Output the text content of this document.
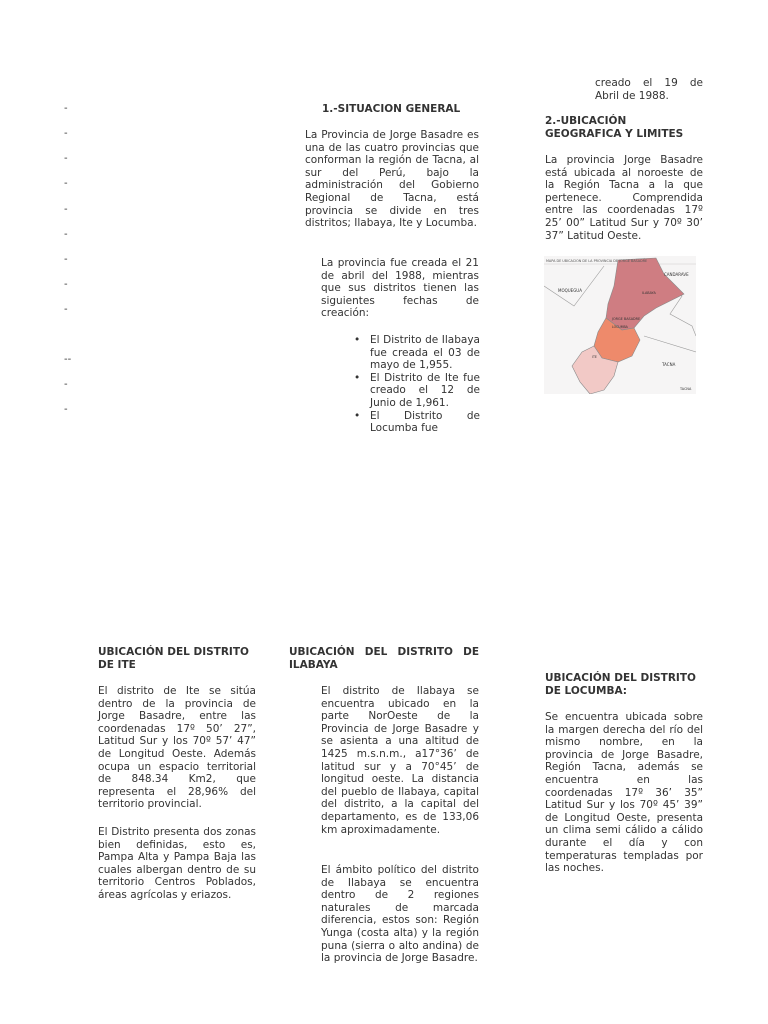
-
-
-
-
-
-
-
-
-
--
-
-
1.-SITUACION GENERAL
La Provincia de Jorge Basadre es una de las cuatro provincias que conforman la región de Tacna, al sur del Perú, bajo la administración del Gobierno Regional de Tacna, está provincia se divide en tres distritos; Ilabaya, Ite y Locumba.
La provincia fue creada el 21 de abril del 1988, mientras que sus distritos tienen las siguientes fechas de creación:
• El Distrito de Ilabaya fue creada el 03 de mayo de 1,955.
• El Distrito de Ite fue creado el 12 de Junio de 1,961.
• El Distrito de Locumba fue
creado el 19 de Abril de 1988.
2.-UBICACIÓN GEOGRAFICA Y LIMITES
La provincia Jorge Basadre está ubicada al noroeste de la Región Tacna a la que pertenece. Comprendida entre las coordenadas 17º 25’ 00” Latitud Sur y 70º 30’ 37” Latitud Oeste.
MAPA DE UBICACION DE LA PROVINCIA DE JORGE BASADRE
CANDARAVE
MOQUEGUA	ILABAYA
JORGE BASADRE
LOCUMBA
ITE
TACNA
TACNA
UBICACIÓN DEL DISTRITO DE ITE
El distrito de Ite se sitúa dentro de la provincia de Jorge Basadre, entre las coordenadas 17º 50’ 27”, Latitud Sur y los 70º 57’ 47” de Longitud Oeste. Además ocupa un espacio territorial de 848.34 Km2, que representa el 28,96% del territorio provincial.
El Distrito presenta dos zonas bien definidas, esto es, Pampa Alta y Pampa Baja las cuales albergan dentro de su territorio Centros Poblados, áreas agrícolas y eriazos.
UBICACIÓN DEL DISTRITO DE ILABAYA
El distrito de Ilabaya se encuentra ubicado en la parte NorOeste de la Provincia de Jorge Basadre y se asienta a una altitud de 1425 m.s.n.m., a17°36’ de latitud sur y a 70°45’ de longitud oeste. La distancia del pueblo de Ilabaya, capital del distrito, a la capital del departamento, es de 133,06 km aproximadamente.
El ámbito político del distrito de Ilabaya se encuentra dentro de 2 regiones naturales de marcada diferencia, estos son: Región Yunga (costa alta) y la región puna (sierra o alto andina) de la provincia de Jorge Basadre.
UBICACIÓN DEL DISTRITO DE LOCUMBA:
Se encuentra ubicada sobre la margen derecha del río del mismo nombre, en la provincia de Jorge Basadre, Región Tacna, además se encuentra en las coordenadas 17º 36’ 35” Latitud Sur y los 70º 45’ 39” de Longitud Oeste, presenta un clima semi cálido a cálido durante el día y con temperaturas templadas por las noches.
